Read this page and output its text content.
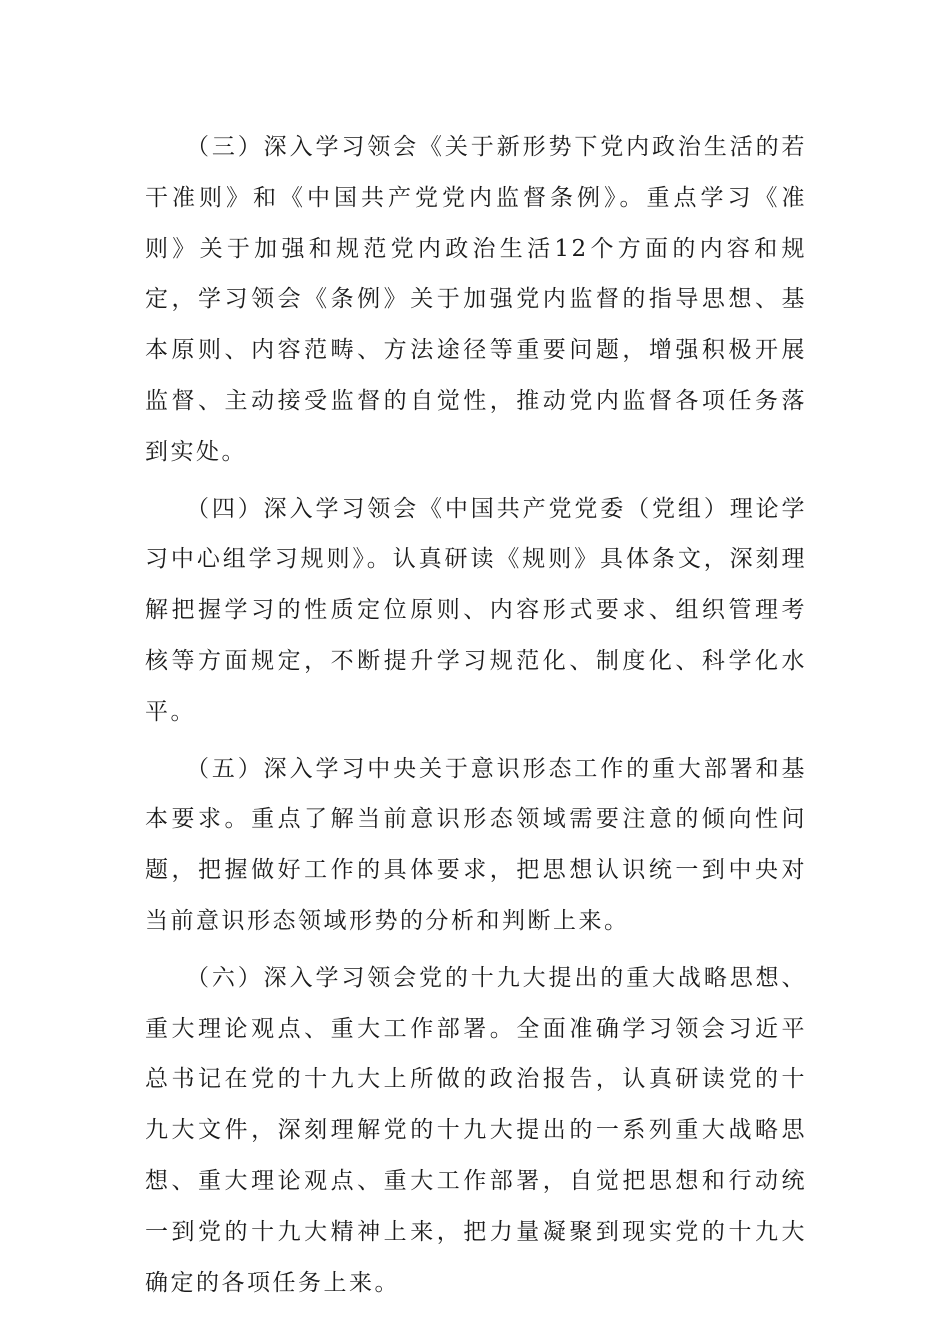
（三）深入学习领会《关于新形势下党内政治生活的若干准则》和《中国共产党党内监督条例》。重点学习《准则》关于加强和规范党内政治生活12个方面的内容和规定，学习领会《条例》关于加强党内监督的指导思想、基本原则、内容范畴、方法途径等重要问题，增强积极开展监督、主动接受监督的自觉性，推动党内监督各项任务落到实处。

（四）深入学习领会《中国共产党党委（党组）理论学习中心组学习规则》。认真研读《规则》具体条文，深刻理解把握学习的性质定位原则、内容形式要求、组织管理考核等方面规定，不断提升学习规范化、制度化、科学化水平。

（五）深入学习中央关于意识形态工作的重大部署和基本要求。重点了解当前意识形态领域需要注意的倾向性问题，把握做好工作的具体要求，把思想认识统一到中央对当前意识形态领域形势的分析和判断上来。

（六）深入学习领会党的十九大提出的重大战略思想、重大理论观点、重大工作部署。全面准确学习领会习近平总书记在党的十九大上所做的政治报告，认真研读党的十九大文件，深刻理解党的十九大提出的一系列重大战略思想、重大理论观点、重大工作部署，自觉把思想和行动统一到党的十九大精神上来，把力量凝聚到现实党的十九大确定的各项任务上来。
